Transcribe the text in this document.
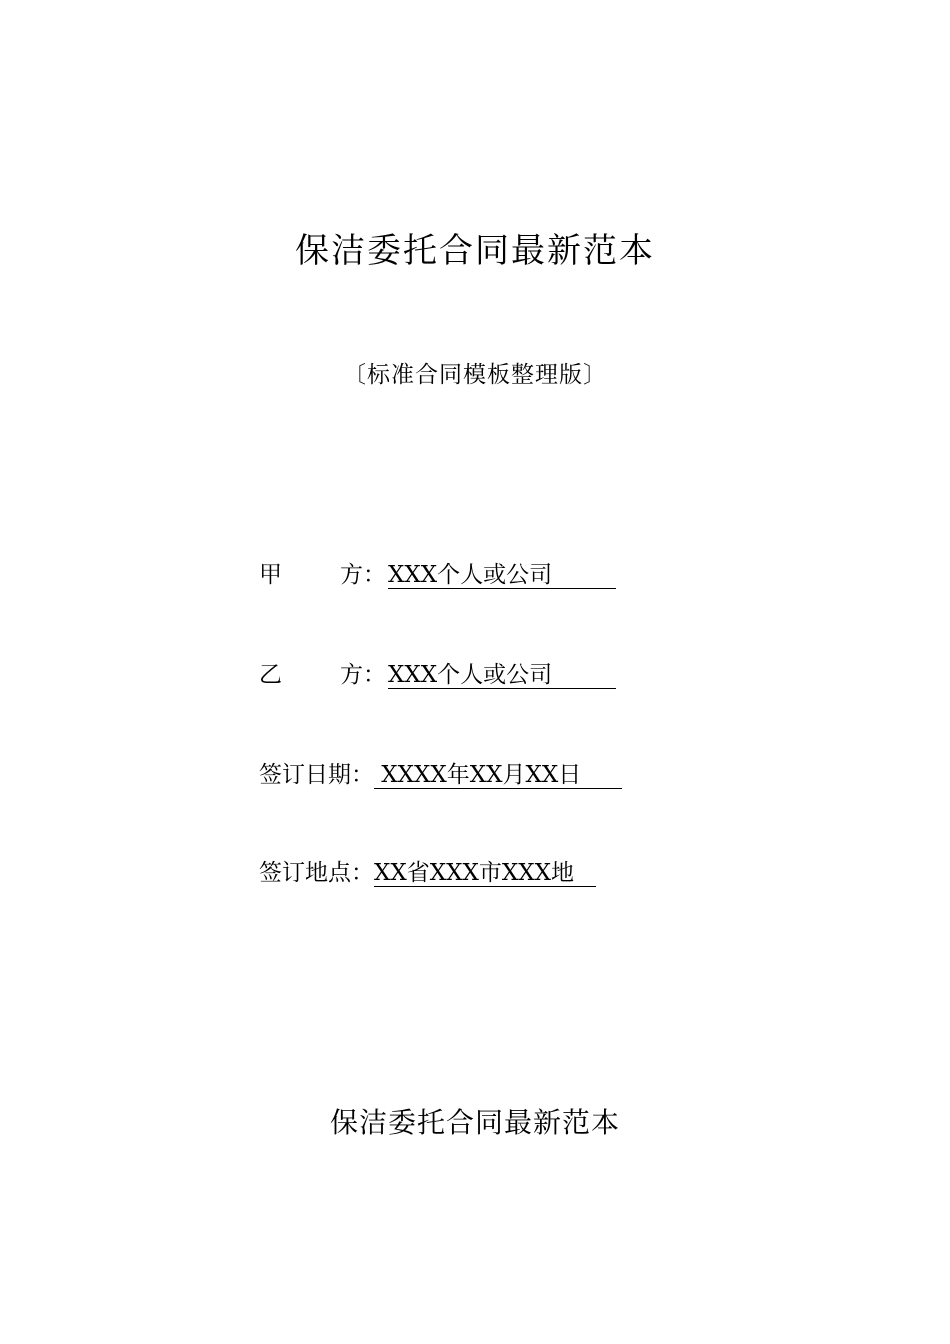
保洁委托合同最新范本
〔标准合同模板整理版〕
甲	方： XXX个人或公司
乙	方： XXX个人或公司
签订日期： XXXX年XX月XX日
签订地点： XX省XXX市XXX地
保洁委托合同最新范本
